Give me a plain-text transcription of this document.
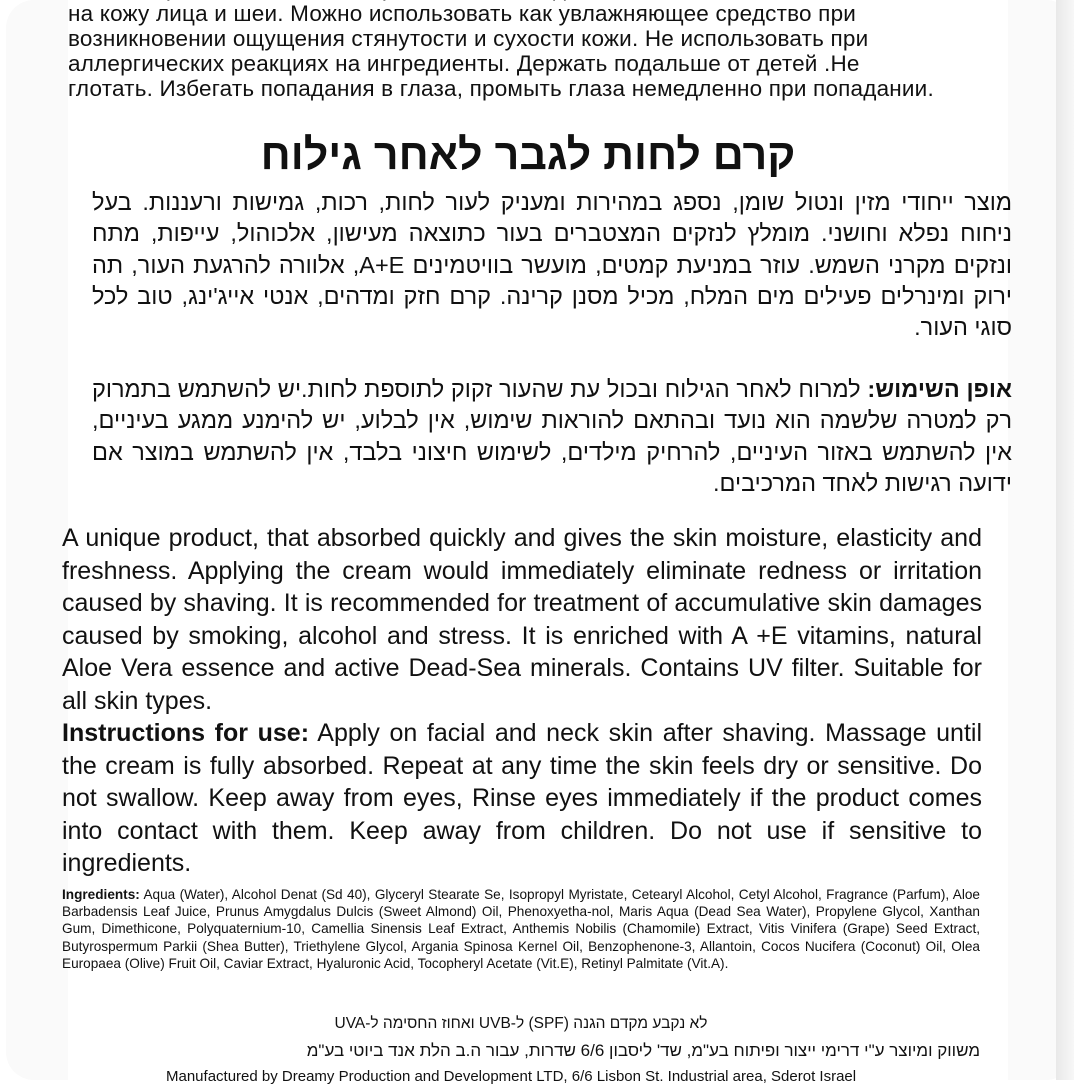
на кожу лица и шеи. Можно использовать как увлажняющее средство при
возникновении ощущения стянутости и сухости кожи. Не использовать при
аллергических реакциях на ингредиенты. Держать подальше от детей .Не
глотать. Избегать попадания в глаза, промыть глаза немедленно при попадании.
קרם לחות לגבר לאחר גילוח
מוצר ייחודי מזין ונטול שומן, נספג במהירות ומעניק לעור לחות, רכות, גמישות ורעננות. בעל ניחוח נפלא וחושני. מומלץ לנזקים המצטברים בעור כתוצאה מעישון, אלכוהול, עייפות, מתח ונזקים מקרני השמש. עוזר במניעת קמטים, מועשר בוויטמינים A+E, אלוורה להרגעת העור, תה ירוק ומינרלים פעילים מים המלח, מכיל מסנן קרינה. קרם חזק ומדהים, אנטי אייג'ינג, טוב לכל סוגי העור.
אופן השימוש: למרוח לאחר הגילוח ובכול עת שהעור זקוק לתוספת לחות.יש להשתמש בתמרוק רק למטרה שלשמה הוא נועד ובהתאם להוראות שימוש, אין לבלוע, יש להימנע ממגע בעיניים, אין להשתמש באזור העיניים, להרחיק מילדים, לשימוש חיצוני בלבד, אין להשתמש במוצר אם ידועה רגישות לאחד המרכיבים.
A unique product, that absorbed quickly and gives the skin moisture, elasticity and freshness. Applying the cream would immediately eliminate redness or irritation caused by shaving. It is recommended for treatment of accumulative skin damages caused by smoking, alcohol and stress. It is enriched with A +E vitamins, natural Aloe Vera essence and active Dead-Sea minerals. Contains UV filter. Suitable for all skin types.
Instructions for use: Apply on facial and neck skin after shaving. Massage until the cream is fully absorbed. Repeat at any time the skin feels dry or sensitive. Do not swallow. Keep away from eyes, Rinse eyes immediately if the product comes into contact with them. Keep away from children. Do not use if sensitive to ingredients.
Ingredients: Aqua (Water), Alcohol Denat (Sd 40), Glyceryl Stearate Se, Isopropyl Myristate, Cetearyl Alcohol, Cetyl Alcohol, Fragrance (Parfum), Aloe Barbadensis Leaf Juice, Prunus Amygdalus Dulcis (Sweet Almond) Oil, Phenoxyetha-nol, Maris Aqua (Dead Sea Water), Propylene Glycol, Xanthan Gum, Dimethicone, Polyquaternium-10, Camellia Sinensis Leaf Extract, Anthemis Nobilis (Chamomile) Extract, Vitis Vinifera (Grape) Seed Extract, Butyrospermum Parkii (Shea Butter), Triethylene Glycol, Argania Spinosa Kernel Oil, Benzophenone-3, Allantoin, Cocos Nucifera (Coconut) Oil, Olea Europaea (Olive) Fruit Oil, Caviar Extract, Hyaluronic Acid, Tocopheryl Acetate (Vit.E), Retinyl Palmitate (Vit.A).
לא נקבע מקדם הגנה (SPF) ל-UVB ואחוז החסימה ל-UVA
משווק ומיוצר ע"י דרימי ייצור ופיתוח בע"מ, שד' ליסבון 6/6 שדרות, עבור ה.ב הלת אנד ביוטי בע"מ
Manufactured by Dreamy Production and Development LTD, 6/6 Lisbon St. Industrial area, Sderot Israel
